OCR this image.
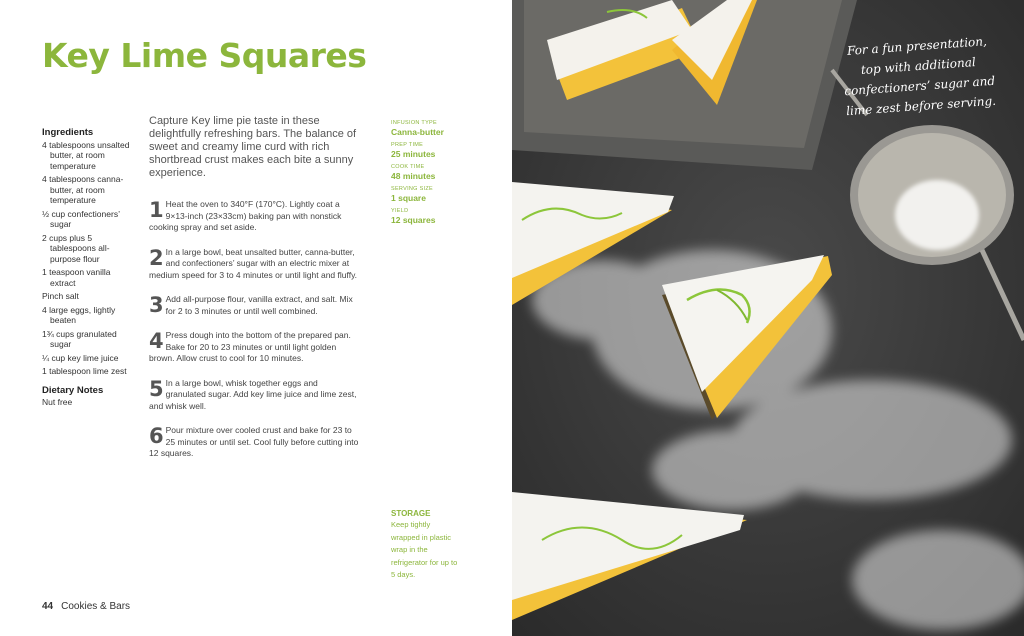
Key Lime Squares
Ingredients
4 tablespoons unsalted butter, at room temperature
4 tablespoons canna-butter, at room temperature
½ cup confectioners’ sugar
2 cups plus 5 tablespoons all-purpose flour
1 teaspoon vanilla extract
Pinch salt
4 large eggs, lightly beaten
1¾ cups granulated sugar
¼ cup key lime juice
1 tablespoon lime zest
Dietary Notes
Nut free
Capture Key lime pie taste in these delightfully refreshing bars. The balance of sweet and creamy lime curd with rich shortbread crust makes each bite a sunny experience.
1 Heat the oven to 340°F (170°C). Lightly coat a 9×13-inch (23×33cm) baking pan with nonstick cooking spray and set aside.
2 In a large bowl, beat unsalted butter, canna-butter, and confectioners’ sugar with an electric mixer at medium speed for 3 to 4 minutes or until light and fluffy.
3 Add all-purpose flour, vanilla extract, and salt. Mix for 2 to 3 minutes or until well combined.
4 Press dough into the bottom of the prepared pan. Bake for 20 to 23 minutes or until light golden brown. Allow crust to cool for 10 minutes.
5 In a large bowl, whisk together eggs and granulated sugar. Add key lime juice and lime zest, and whisk well.
6 Pour mixture over cooled crust and bake for 23 to 25 minutes or until set. Cool fully before cutting into 12 squares.
INFUSION TYPE
Canna-butter
PREP TIME
25 minutes
COOK TIME
48 minutes
SERVING SIZE
1 square
YIELD
12 squares
STORAGE
Keep tightly wrapped in plastic wrap in the refrigerator for up to 5 days.
44 Cookies & Bars
For a fun presentation, top with additional confectioners’ sugar and lime zest before serving.
